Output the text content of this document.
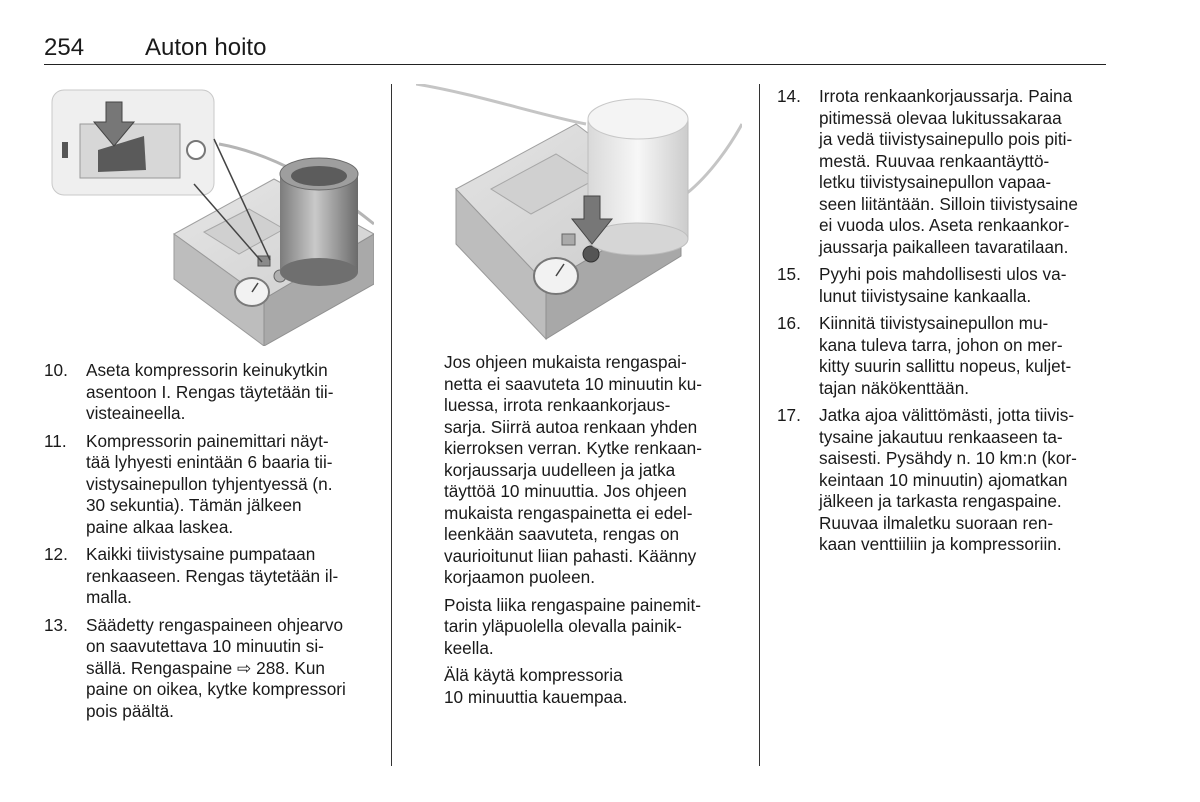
254	Auton hoito
10. Aseta kompressorin keinukytkin
asentoon I. Rengas täytetään tii-
visteaineella.
11. Kompressorin painemittari näyt-
tää lyhyesti enintään 6 baaria tii-
vistysainepullon tyhjentyessä (n.
30 sekuntia). Tämän jälkeen
paine alkaa laskea.
12. Kaikki tiivistysaine pumpataan
renkaaseen. Rengas täytetään il-
malla.
13. Säädetty rengaspaineen ohjearvo
on saavutettava 10 minuutin si-
sällä. Rengaspaine ⇨ 288. Kun
paine on oikea, kytke kompressori
pois päältä.

Jos ohjeen mukaista rengaspai-
netta ei saavuteta 10 minuutin ku-
luessa, irrota renkaankorjaus-
sarja. Siirrä autoa renkaan yhden
kierroksen verran. Kytke renkaan-
korjaussarja uudelleen ja jatka
täyttöä 10 minuuttia. Jos ohjeen
mukaista rengaspainetta ei edel-
leenkään saavuteta, rengas on
vaurioitunut liian pahasti. Käänny
korjaamon puoleen.

Poista liika rengaspaine painemit-
tarin yläpuolella olevalla painik-
keella.

Älä käytä kompressoria
10 minuuttia kauempaa.

14. Irrota renkaankorjaussarja. Paina
pitimessä olevaa lukitussakaraa
ja vedä tiivistysainepullo pois piti-
mestä. Ruuvaa renkaantäyttö-
letku tiivistysainepullon vapaa-
seen liitäntään. Silloin tiivistysaine
ei vuoda ulos. Aseta renkaankor-
jaussarja paikalleen tavaratilaan.
15. Pyyhi pois mahdollisesti ulos va-
lunut tiivistysaine kankaalla.
16. Kiinnitä tiivistysainepullon mu-
kana tuleva tarra, johon on mer-
kitty suurin sallittu nopeus, kuljet-
tajan näkökenttään.
17. Jatka ajoa välittömästi, jotta tiivis-
tysaine jakautuu renkaaseen ta-
saisesti. Pysähdy n. 10 km:n (kor-
keintaan 10 minuutin) ajomatkan
jälkeen ja tarkasta rengaspaine.
Ruuvaa ilmaletku suoraan ren-
kaan venttiiliin ja kompressoriin.
